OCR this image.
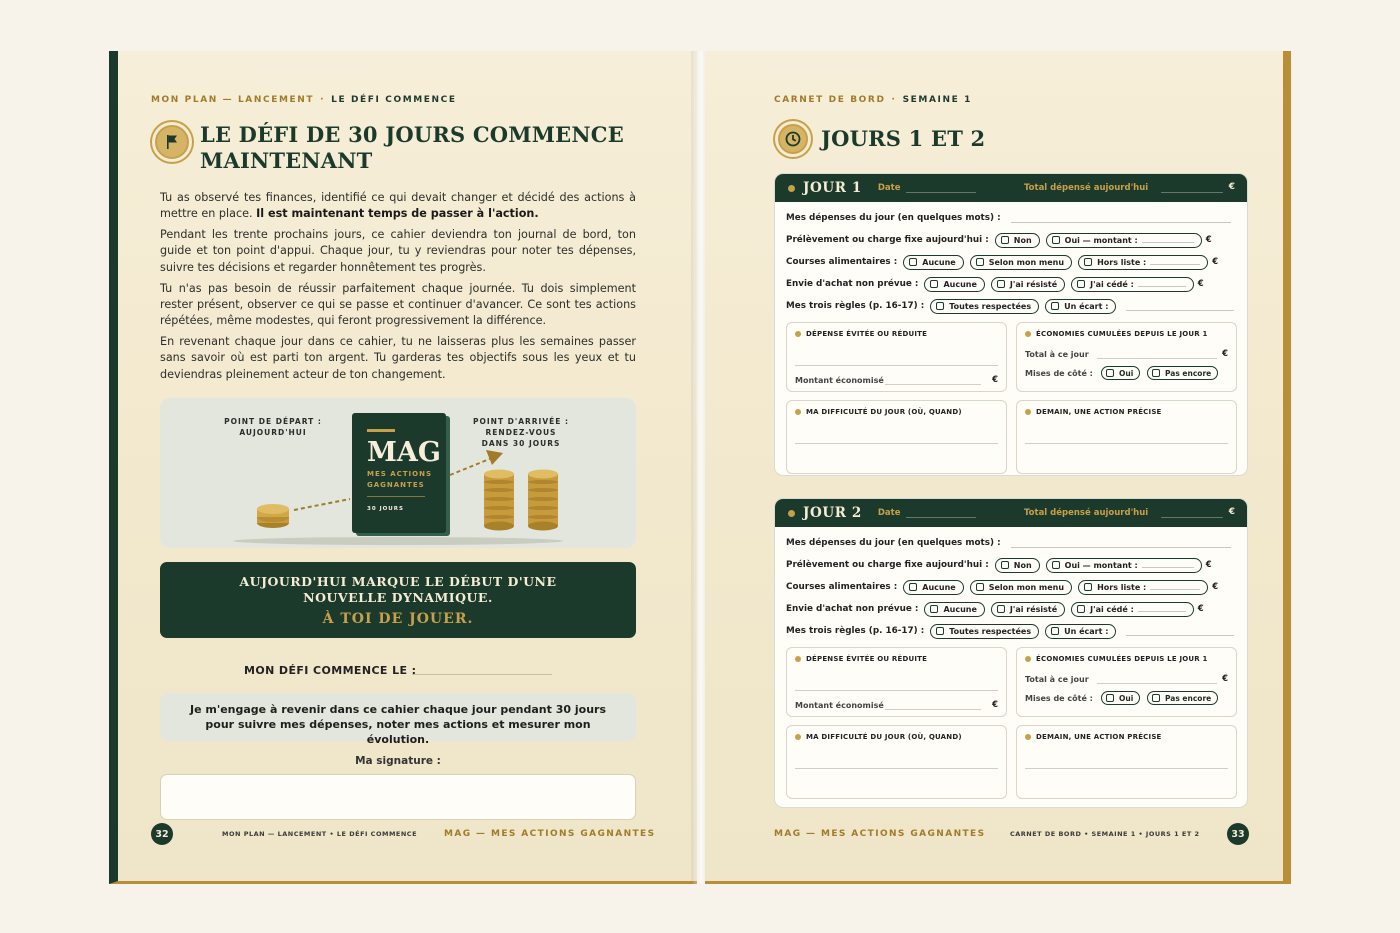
MON PLAN — LANCEMENT · LE DÉFI COMMENCE
LE DÉFI DE 30 JOURS COMMENCE
MAINTENANT

Tu as observé tes finances, identifié ce qui devait changer et décidé des actions à mettre en place. Il est maintenant temps de passer à l'action.

Pendant les trente prochains jours, ce cahier deviendra ton journal de bord, ton guide et ton point d'appui. Chaque jour, tu y reviendras pour noter tes dépenses, suivre tes décisions et regarder honnêtement tes progrès.

Tu n'as pas besoin de réussir parfaitement chaque journée. Tu dois simplement rester présent, observer ce qui se passe et continuer d'avancer. Ce sont tes actions répétées, même modestes, qui feront progressivement la différence.

En revenant chaque jour dans ce cahier, tu ne laisseras plus les semaines passer sans savoir où est parti ton argent. Tu garderas tes objectifs sous les yeux et tu deviendras pleinement acteur de ton changement.

POINT DE DÉPART :
AUJOURD'HUI
POINT D'ARRIVÉE :
RENDEZ-VOUS
DANS 30 JOURS
MAG
MES ACTIONS
GAGNANTES
30 JOURS
AUJOURD'HUI MARQUE LE DÉBUT D'UNE NOUVELLE DYNAMIQUE.
À TOI DE JOUER.
MON DÉFI COMMENCE LE :
Je m'engage à revenir dans ce cahier chaque jour pendant 30 jours pour suivre mes dépenses, noter mes actions et mesurer mon évolution.
Ma signature :
32	MON PLAN — LANCEMENT • LE DÉFI COMMENCE	MAG — MES ACTIONS GAGNANTES
CARNET DE BORD · SEMAINE 1
JOURS 1 ET 2
JOUR 1 Date	Total dépensé aujourd'hui	€
Mes dépenses du jour (en quelques mots) :
Prélèvement ou charge fixe aujourd'hui :	Non	Oui — montant :	€
Courses alimentaires :	Aucune	Selon mon menu	Hors liste :	€
Envie d'achat non prévue :	Aucune	J'ai résisté	J'ai cédé :	€
Mes trois règles (p. 16-17) :	Toutes respectées	Un écart :
DÉPENSE ÉVITÉE OU RÉDUITE
Montant économisé	€
ÉCONOMIES CUMULÉES DEPUIS LE JOUR 1
Total à ce jour	€
Mises de côté :	Oui	Pas encore
MA DIFFICULTÉ DU JOUR (OÙ, QUAND)	DEMAIN, UNE ACTION PRÉCISE
JOUR 2 Date	Total dépensé aujourd'hui	€
Mes dépenses du jour (en quelques mots) :
Prélèvement ou charge fixe aujourd'hui :	Non	Oui — montant :	€
Courses alimentaires :	Aucune	Selon mon menu	Hors liste :	€
Envie d'achat non prévue :	Aucune	J'ai résisté	J'ai cédé :	€
Mes trois règles (p. 16-17) :	Toutes respectées	Un écart :
DÉPENSE ÉVITÉE OU RÉDUITE
Montant économisé	€
ÉCONOMIES CUMULÉES DEPUIS LE JOUR 1
Total à ce jour	€
Mises de côté :	Oui	Pas encore
MA DIFFICULTÉ DU JOUR (OÙ, QUAND)	DEMAIN, UNE ACTION PRÉCISE
MAG — MES ACTIONS GAGNANTES	CARNET DE BORD • SEMAINE 1 • JOURS 1 ET 2	33
